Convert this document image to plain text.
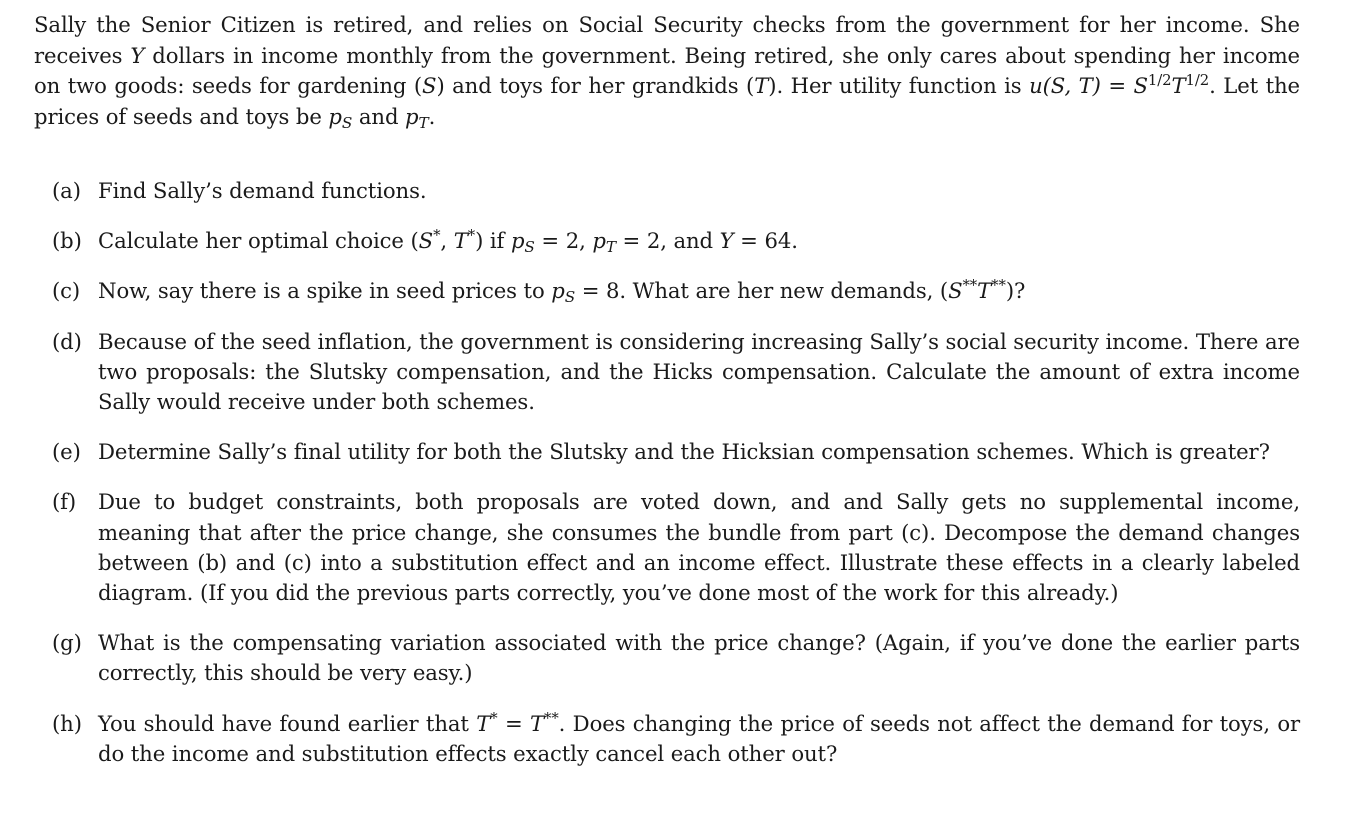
Sally the Senior Citizen is retired, and relies on Social Security checks from the government for her income. She receives Y dollars in income monthly from the government. Being retired, she only cares about spending her income on two goods: seeds for gardening (S) and toys for her grandkids (T). Her utility function is u(S, $T) = S^{1/2}T^{1/2}$. Let the prices of seeds and toys be $p_S$ and $p_T$.

(a) Find Sally’s demand functions.
(b) Calculate her optimal choice (S*, T*) if $p_S = 2$, $p_T = 2$, and Y = 64.
(c) Now, say there is a spike in seed prices to $p_S = 8$. What are her new demands, (S**T**)?
(d) Because of the seed inflation, the government is considering increasing Sally’s social security income. There are two proposals: the Slutsky compensation, and the Hicks compensation. Calculate the amount of extra income Sally would receive under both schemes.
(e) Determine Sally’s final utility for both the Slutsky and the Hicksian compensation schemes. Which is greater?
(f) Due to budget constraints, both proposals are voted down, and and Sally gets no supplemental income, meaning that after the price change, she consumes the bundle from part (c). Decompose the demand changes between (b) and (c) into a substitution effect and an income effect. Illustrate these effects in a clearly labeled diagram. (If you did the previous parts correctly, you’ve done most of the work for this already.)
(g) What is the compensating variation associated with the price change? (Again, if you’ve done the earlier parts correctly, this should be very easy.)
(h) You should have found earlier that T* = T**. Does changing the price of seeds not affect the demand for toys, or do the income and substitution effects exactly cancel each other out?
